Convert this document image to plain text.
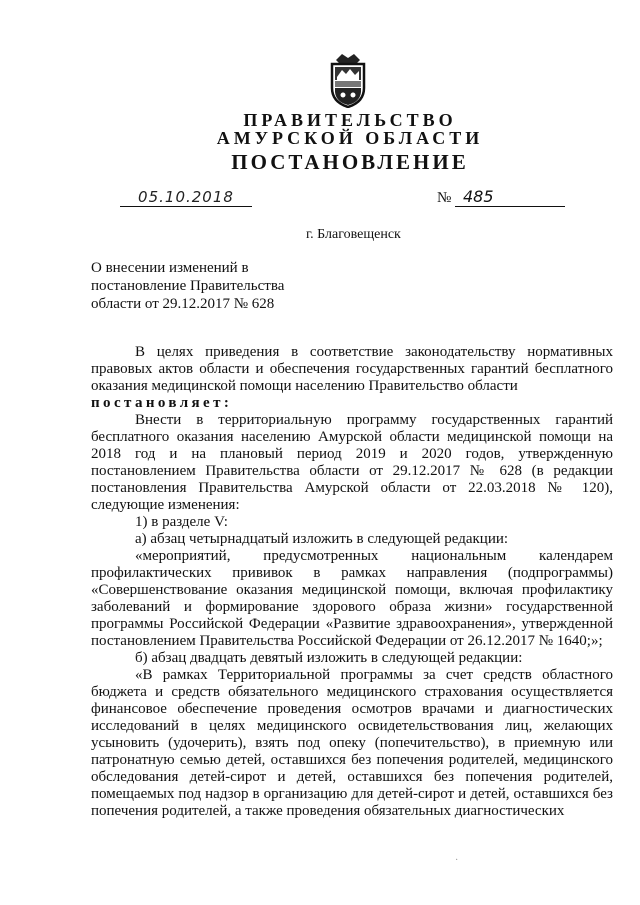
ПРАВИТЕЛЬСТВО
АМУРСКОЙ ОБЛАСТИ
ПОСТАНОВЛЕНИЕ
05.10.2018	№ 485
г. Благовещенск
О внесении изменений в
постановление Правительства
области от 29.12.2017 № 628

В целях приведения в соответствие законодательству нормативных правовых актов области и обеспечения государственных гарантий бесплатного оказания медицинской помощи населению Правительство области

постановляет:

Внести в территориальную программу государственных гарантий бесплатного оказания населению Амурской области медицинской помощи на 2018 год и на плановый период 2019 и 2020 годов, утвержденную постановлением Правительства области от 29.12.2017 № 628 (в редакции постановления Правительства Амурской области от 22.03.2018 № 120), следующие изменения:

1) в разделе V:

а) абзац четырнадцатый изложить в следующей редакции:

«мероприятий, предусмотренных национальным календарем профилактических прививок в рамках направления (подпрограммы) «Совершенствование оказания медицинской помощи, включая профилактику заболеваний и формирование здорового образа жизни» государственной программы Российской Федерации «Развитие здравоохранения», утвержденной постановлением Правительства Российской Федерации от 26.12.2017 № 1640;»;

б) абзац двадцать девятый изложить в следующей редакции:

«В рамках Территориальной программы за счет средств областного бюджета и средств обязательного медицинского страхования осуществляется финансовое обеспечение проведения осмотров врачами и диагностических исследований в целях медицинского освидетельствования лиц, желающих усыновить (удочерить), взять под опеку (попечительство), в приемную или патронатную семью детей, оставшихся без попечения родителей, медицинского обследования детей-сирот и детей, оставшихся без попечения родителей, помещаемых под надзор в организацию для детей-сирот и детей, оставшихся без попечения родителей, а также проведения обязательных диагностических

·
